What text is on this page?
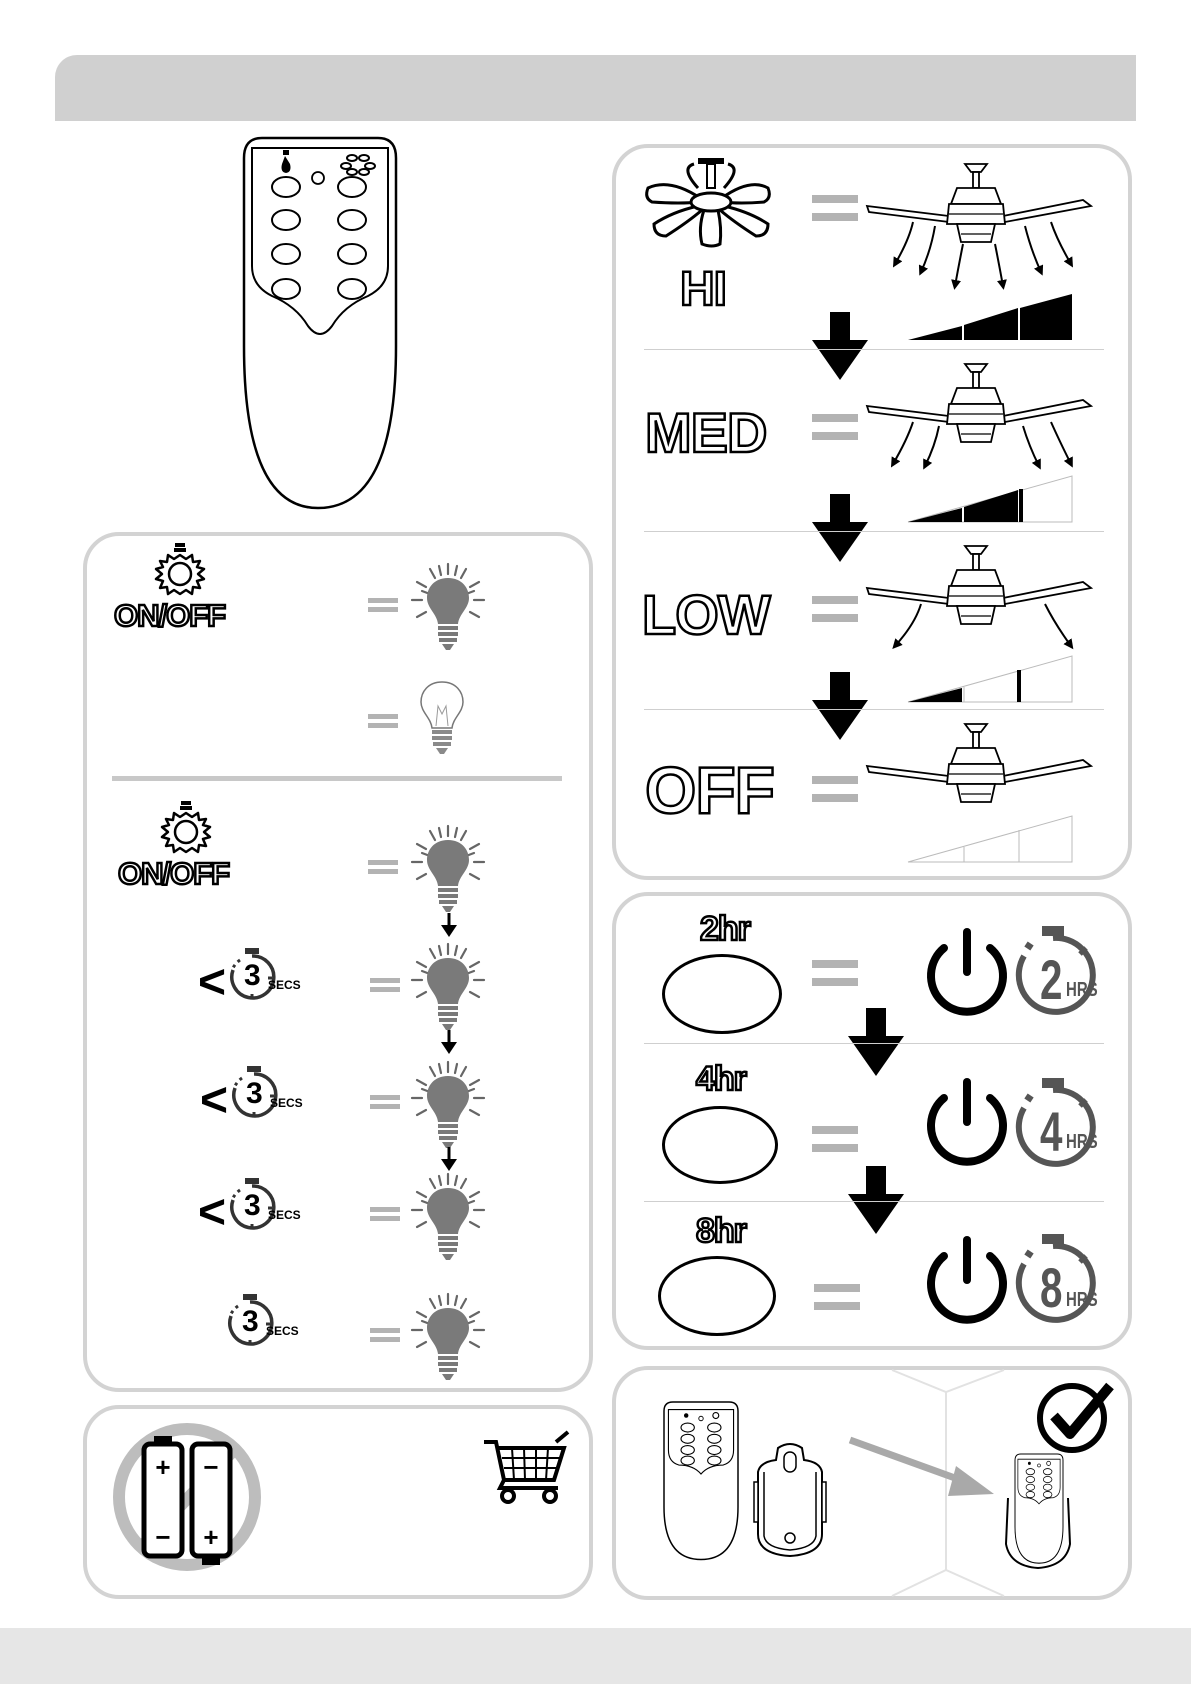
ON/OFF
ON/OFF
< 3 SECS
< 3 SECS
< 3 SECS
3 SECS
+
−
−
+
HI
MED
LOW
OFF
2hr
2 HRS
4hr
4 HRS
8hr
8 HRS
